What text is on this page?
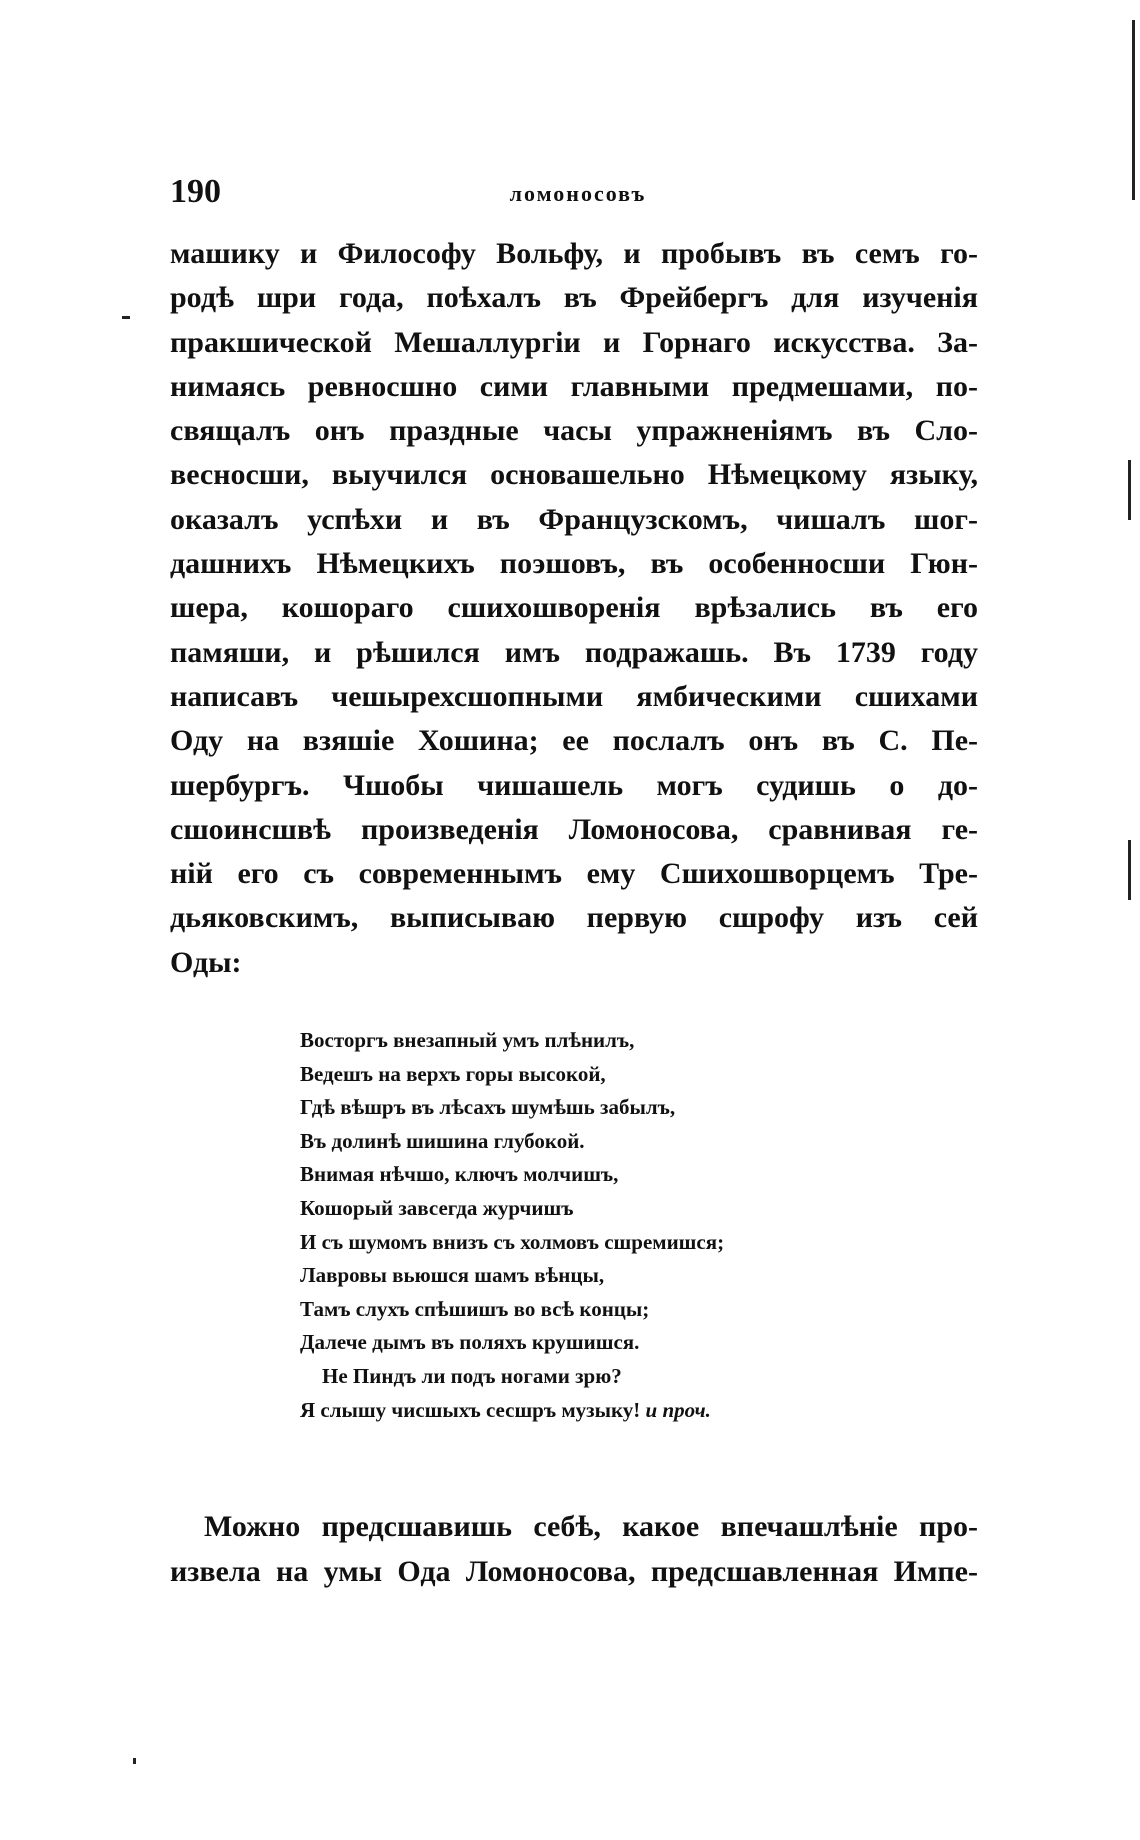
190	ломоносовъ
машику и Философу Вольфу, и пробывъ въ семъ го-
родѣ шри года, поѣхалъ въ Фрейбергъ для изученія
пракшической Мешаллургіи и Горнаго искусства. За-
нимаясь ревносшно сими главными предмешами, по-
свящалъ онъ праздные часы упражненіямъ въ Сло-
весносши, выучился основашельно Нѣмецкому языку,
оказалъ успѣхи и въ Французскомъ, чишалъ шог-
дашнихъ Нѣмецкихъ поэшовъ, въ особенносши Гюн-
шера, кошораго сшихошворенія врѣзались въ его
памяши, и рѣшился имъ подражашь. Въ 1739 году
написавъ чешырехсшопными ямбическими сшихами
Оду на взяшіе Хошина; ее послалъ онъ въ С. Пе-
шербургъ. Чшобы чишашель могъ судишь о до-
сшоинсшвѣ произведенія Ломоносова, сравнивая ге-
ній его съ современнымъ ему Сшихошворцемъ Тре-
дьяковскимъ, выписываю первую сшрофу изъ сей
Оды:
Восторгъ внезапный умъ плѣнилъ,
Ведешъ на верхъ горы высокой,
Гдѣ вѣшръ въ лѣсахъ шумѣшь забылъ,
Въ долинѣ шишина глубокой.
Внимая нѣчшо, ключъ молчишъ,
Кошорый завсегда журчишъ
И съ шумомъ внизъ съ холмовъ сшремишся;
Лавровы вьюшся шамъ вѣнцы,
Тамъ слухъ спѣшишъ во всѣ концы;
Далече дымъ въ поляхъ крушишся.
Не Пиндъ ли подъ ногами зрю?
Я слышу чисшыхъ сесшръ музыку! и проч.
Можно предсшавишь себѣ, какое впечашлѣніе про-
извела на умы Ода Ломоносова, предсшавленная Импе-
